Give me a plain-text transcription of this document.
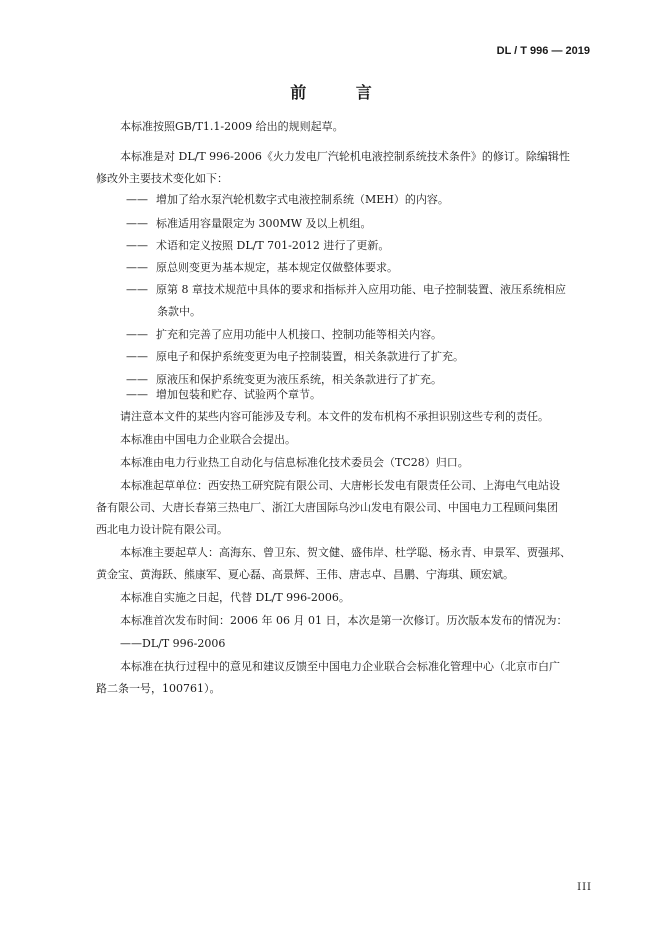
DL / T 996 — 2019
前 言
本标准按照GB/T1.1-2009 给出的规则起草。
本标准是对 DL/T 996-2006《火力发电厂汽轮机电液控制系统技术条件》的修订。除编辑性
修改外主要技术变化如下：
—— 增加了给水泵汽轮机数字式电液控制系统（MEH）的内容。
—— 标准适用容量限定为 300MW 及以上机组。
—— 术语和定义按照 DL/T 701-2012 进行了更新。
—— 原总则变更为基本规定，基本规定仅做整体要求。
—— 原第 8 章技术规范中具体的要求和指标并入应用功能、电子控制装置、液压系统相应
条款中。
—— 扩充和完善了应用功能中人机接口、控制功能等相关内容。
—— 原电子和保护系统变更为电子控制装置，相关条款进行了扩充。
—— 原液压和保护系统变更为液压系统，相关条款进行了扩充。
—— 增加包装和贮存、试验两个章节。
请注意本文件的某些内容可能涉及专利。本文件的发布机构不承担识别这些专利的责任。
本标准由中国电力企业联合会提出。
本标准由电力行业热工自动化与信息标准化技术委员会（TC28）归口。
本标准起草单位：西安热工研究院有限公司、大唐彬长发电有限责任公司、上海电气电站设
备有限公司、大唐长春第三热电厂、浙江大唐国际乌沙山发电有限公司、中国电力工程顾问集团
西北电力设计院有限公司。
本标准主要起草人：高海东、曾卫东、贺文健、盛伟岸、杜学聪、杨永青、申景军、贾强邦、
黄金宝、黄海跃、熊康军、夏心磊、高景辉、王伟、唐志卓、昌鹏、宁海琪、顾宏斌。
本标准自实施之日起，代替 DL/T 996-2006。
本标准首次发布时间：2006 年 06 月 01 日，本次是第一次修订。历次版本发布的情况为：
——DL/T 996-2006
本标准在执行过程中的意见和建议反馈至中国电力企业联合会标准化管理中心（北京市白广
路二条一号，100761）。
III
